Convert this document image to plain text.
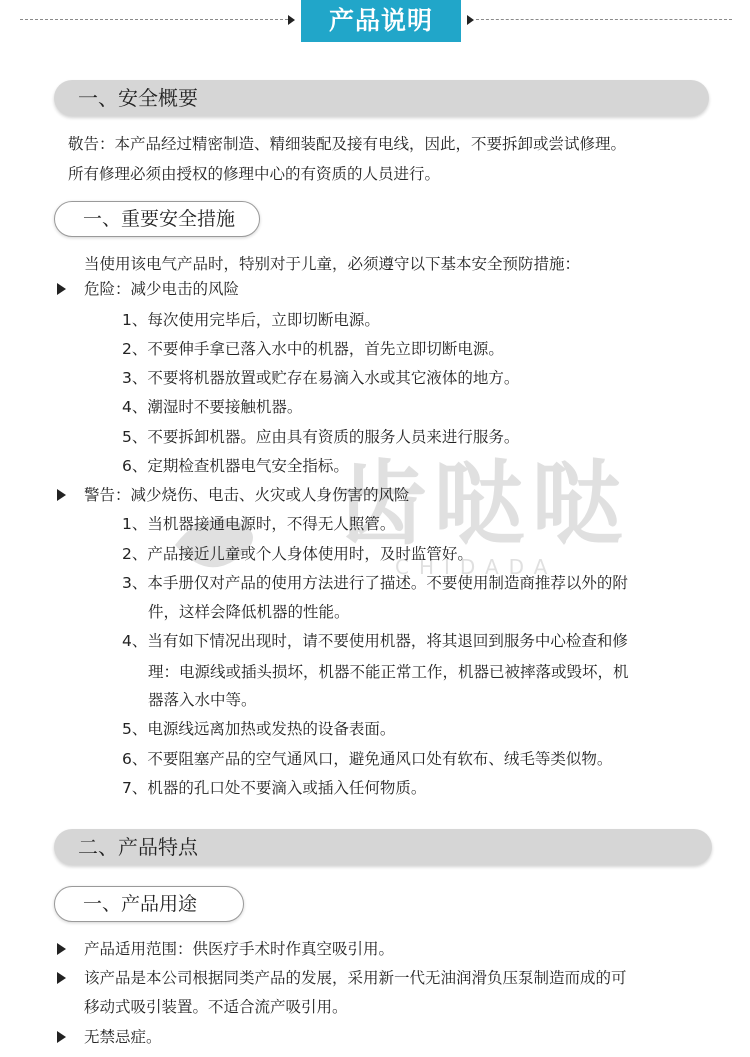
产品说明
齿哒哒
CHIDADA
一、安全概要
敬告：本产品经过精密制造、精细装配及接有电线，因此，不要拆卸或尝试修理。
所有修理必须由授权的修理中心的有资质的人员进行。
一、重要安全措施
当使用该电气产品时，特别对于儿童，必须遵守以下基本安全预防措施：
危险：减少电击的风险
1、每次使用完毕后，立即切断电源。
2、不要伸手拿已落入水中的机器，首先立即切断电源。
3、不要将机器放置或贮存在易滴入水或其它液体的地方。
4、潮湿时不要接触机器。
5、不要拆卸机器。应由具有资质的服务人员来进行服务。
6、定期检查机器电气安全指标。
警告：减少烧伤、电击、火灾或人身伤害的风险
1、当机器接通电源时，不得无人照管。
2、产品接近儿童或个人身体使用时，及时监管好。
3、本手册仅对产品的使用方法进行了描述。不要使用制造商推荐以外的附
件，这样会降低机器的性能。
4、当有如下情况出现时，请不要使用机器，将其退回到服务中心检查和修
理：电源线或插头损坏，机器不能正常工作，机器已被摔落或毁坏，机
器落入水中等。
5、电源线远离加热或发热的设备表面。
6、不要阻塞产品的空气通风口，避免通风口处有软布、绒毛等类似物。
7、机器的孔口处不要滴入或插入任何物质。
二、产品特点
一、产品用途
产品适用范围：供医疗手术时作真空吸引用。
该产品是本公司根据同类产品的发展，采用新一代无油润滑负压泵制造而成的可
移动式吸引装置。不适合流产吸引用。
无禁忌症。
